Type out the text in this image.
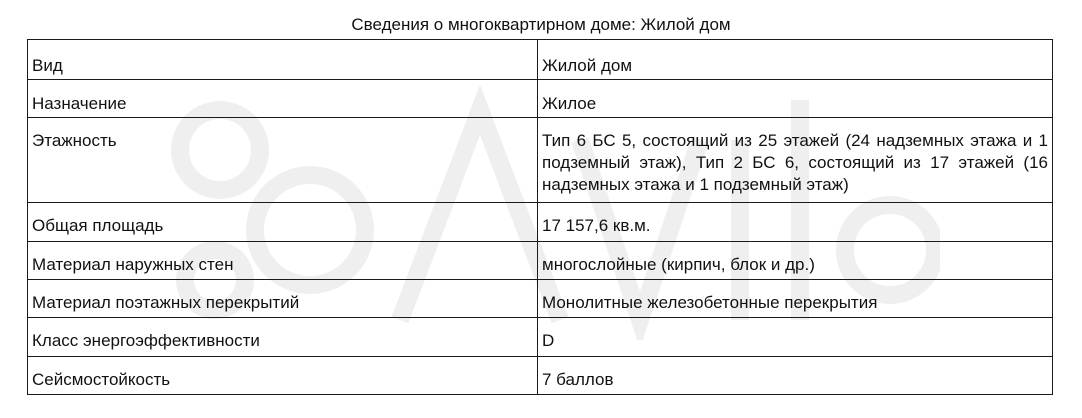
Сведения о многоквартирном доме: Жилой дом
Вид	Жилой дом
Назначение	Жилое
Этажность	Тип 6 БС 5, состоящий из 25 этажей (24 надземных этажа и 1 подземный этаж), Тип 2 БС 6, состоящий из 17 этажей (16 надземных этажа и 1 подземный этаж)
Общая площадь	17 157,6 кв.м.
Материал наружных стен	многослойные (кирпич, блок и др.)
Материал поэтажных перекрытий	Монолитные железобетонные перекрытия
Класс энергоэффективности	D
Сейсмостойкость	7 баллов
